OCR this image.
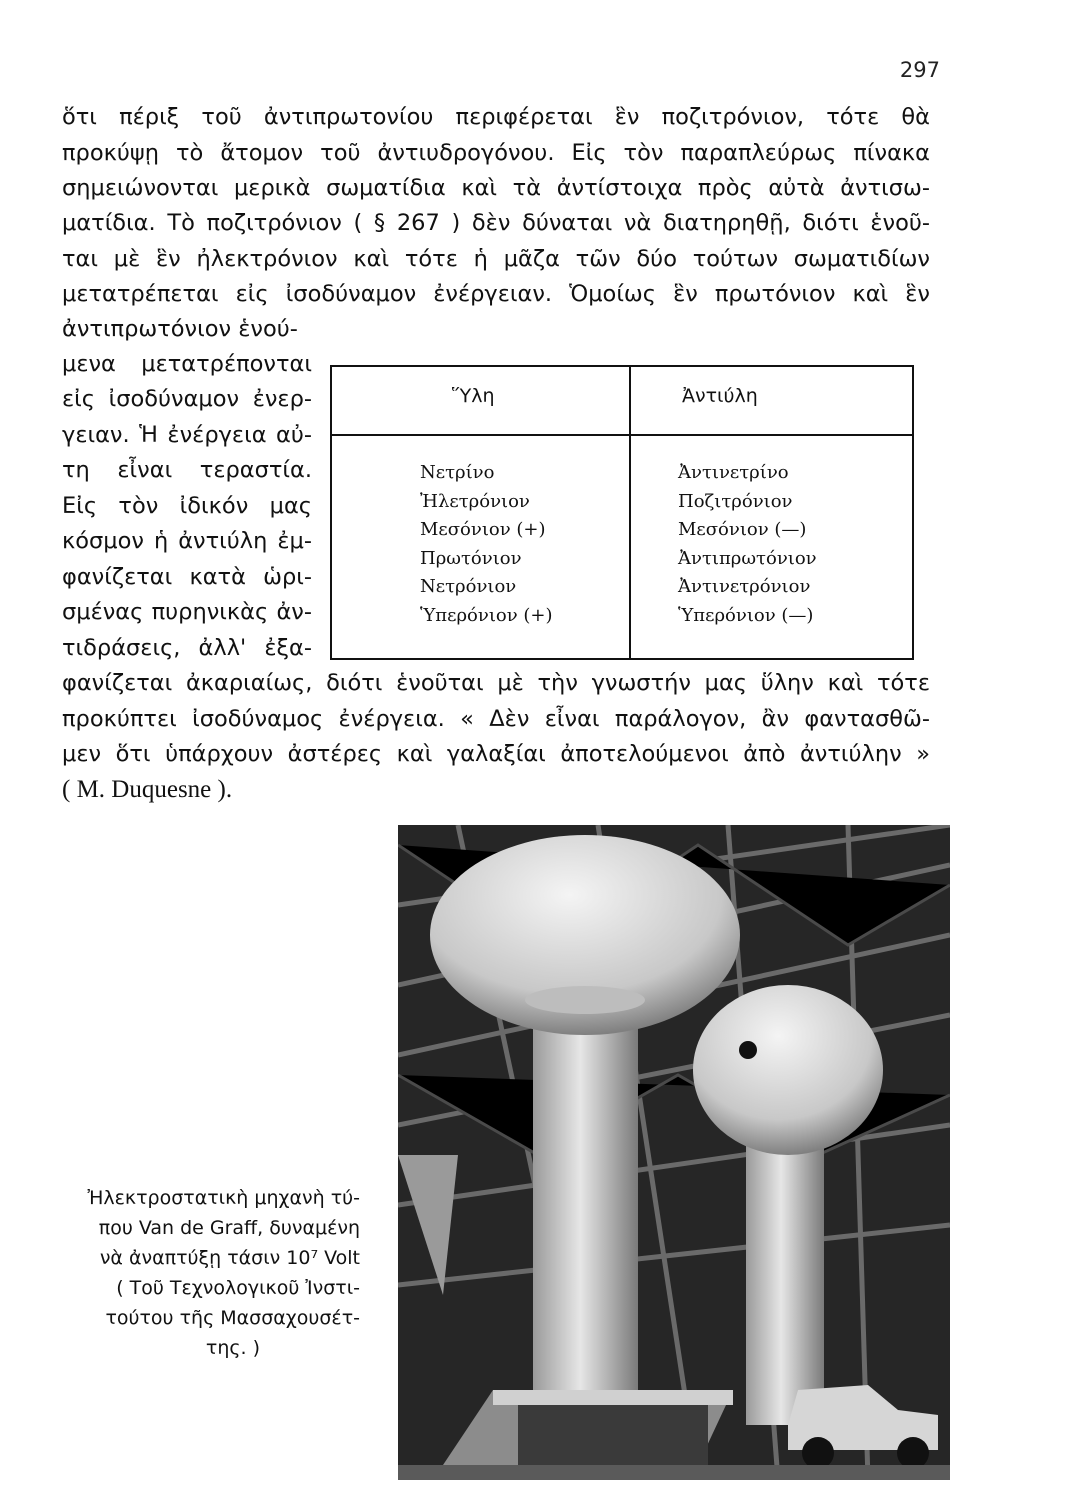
297
ὅτι πέριξ τοῦ ἀντιπρωτονίου περιφέρεται ἓν ποζιτρόνιον, τότε θὰ
προκύψῃ τὸ ἄτομον τοῦ ἀντιυδρογόνου. Εἰς τὸν παραπλεύρως πίνακα
σημειώνονται μερικὰ σωματίδια καὶ τὰ ἀντίστοιχα πρὸς αὐτὰ ἀντισω-
ματίδια. Τὸ ποζιτρόνιον ( § 267 ) δὲν δύναται νὰ διατηρηθῇ, διότι ἑνοῦ-
ται μὲ ἓν ἠλεκτρόνιον καὶ τότε ἡ μᾶζα τῶν δύο τούτων σωματιδίων
μετατρέπεται εἰς ἰσοδύναμον ἐνέργειαν. Ὁμοίως ἓν πρωτόνιον καὶ ἓν
ἀντιπρωτόνιον ἑνού-
μενα μετατρέπονται
εἰς ἰσοδύναμον ἐνερ-
γειαν. Ἡ ἐνέργεια αὐ-
τη εἶναι τεραστία.
Εἰς τὸν ἰδικόν μας
κόσμον ἡ ἀντιύλη ἐμ-
φανίζεται κατὰ ὡρι-
σμένας πυρηνικὰς ἀν-
τιδράσεις, ἀλλ' ἐξα-
φανίζεται ἀκαριαίως, διότι ἑνοῦται μὲ τὴν γνωστήν μας ὕλην καὶ τότε
προκύπτει ἰσοδύναμος ἐνέργεια. « Δὲν εἶναι παράλογον, ἂν φαντασθῶ-
μεν ὅτι ὑπάρχουν ἀστέρες καὶ γαλαξίαι ἀποτελούμενοι ἀπὸ ἀντιύλην »
( M. Duquesne ).
Ὕλη	Ἀντιύλη
Νετρίνο
Ἠλετρόνιον
Μεσόνιον (+)
Πρωτόνιον
Νετρόνιον
Ὑπερόνιον (+)
Ἀντινετρίνο
Ποζιτρόνιον
Μεσόνιον (—)
Ἀντιπρωτόνιον
Ἀντινετρόνιον
Ὑπερόνιον (—)
Ἠλεκτροστατικὴ μηχανὴ τύ-
που Van de Graff, δυναμένη
νὰ ἀναπτύξῃ τάσιν 10⁷ Volt
( Τοῦ Τεχνολογικοῦ Ἰνστι-
τούτου τῆς Μασσαχουσέτ-
της. )
